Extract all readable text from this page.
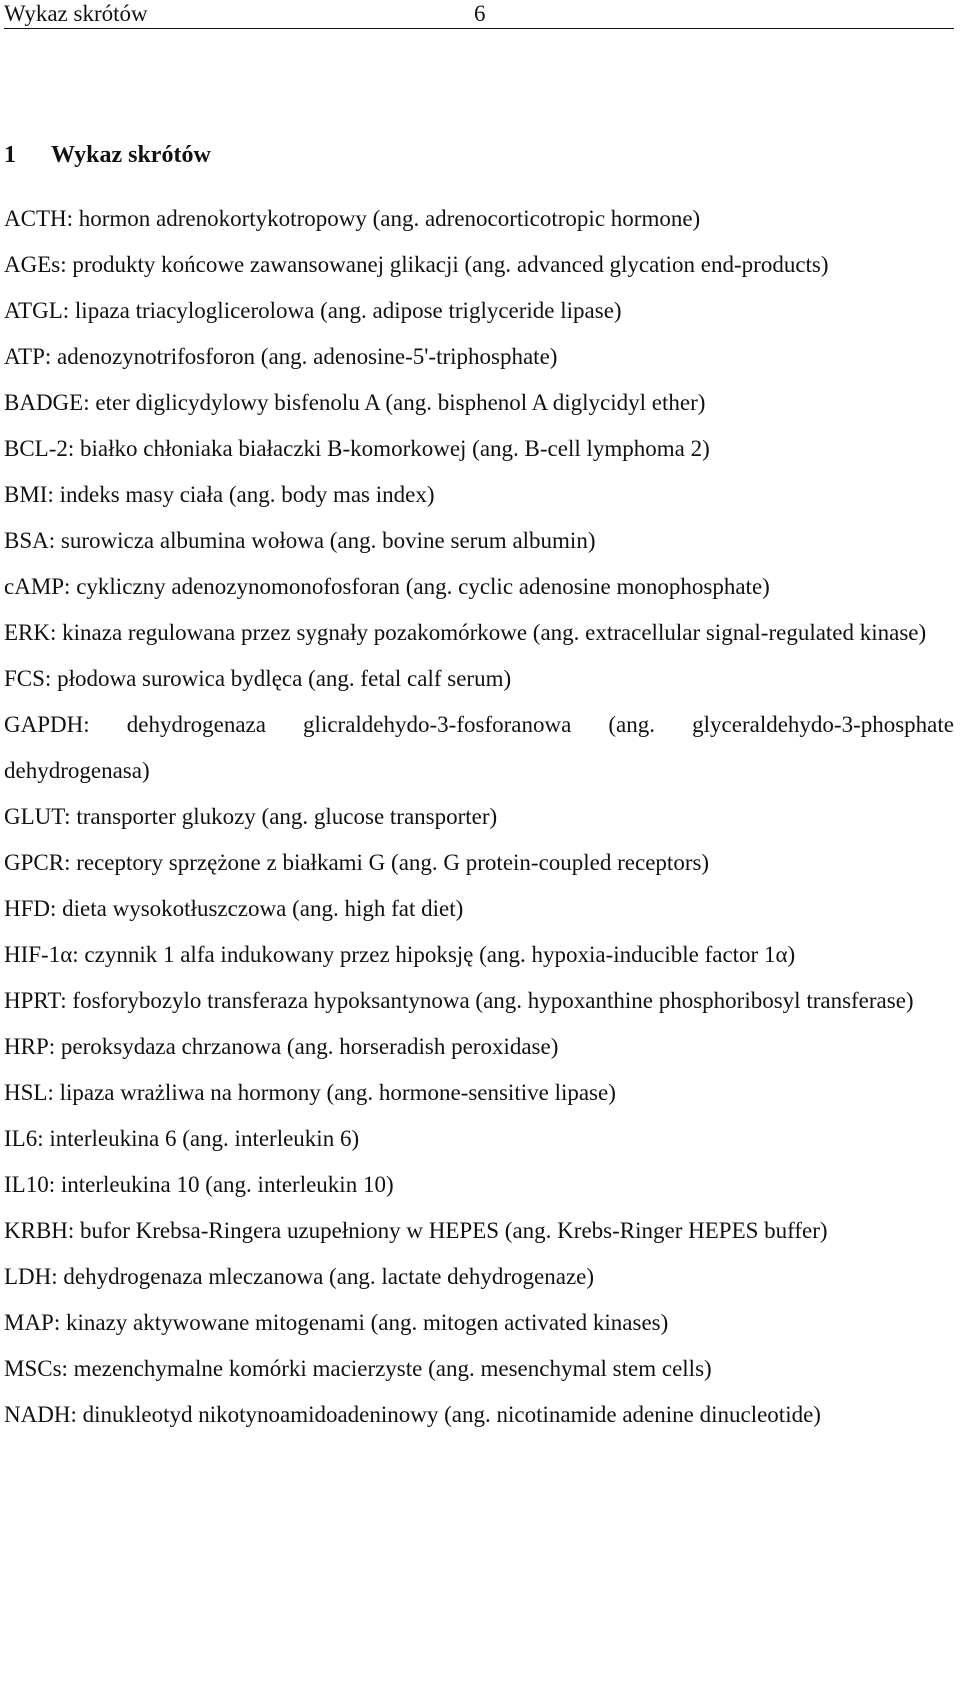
Wykaz skrótów	6
1 Wykaz skrótów

ACTH: hormon adrenokortykotropowy (ang. adrenocorticotropic hormone)

AGEs: produkty końcowe zawansowanej glikacji (ang. advanced glycation end-products)

ATGL: lipaza triacyloglicerolowa (ang. adipose triglyceride lipase)

ATP: adenozynotrifosforon (ang. adenosine-5'-triphosphate)

BADGE: eter diglicydylowy bisfenolu A (ang. bisphenol A diglycidyl ether)

BCL-2: białko chłoniaka białaczki B-komorkowej (ang. B-cell lymphoma 2)

BMI: indeks masy ciała (ang. body mas index)

BSA: surowicza albumina wołowa (ang. bovine serum albumin)

cAMP: cykliczny adenozynomonofosforan (ang. cyclic adenosine monophosphate)

ERK: kinaza regulowana przez sygnały pozakomórkowe (ang. extracellular signal-regulated kinase)

FCS: płodowa surowica bydlęca (ang. fetal calf serum)

GAPDH: dehydrogenaza glicraldehydo-3-fosforanowa (ang. glyceraldehydo-3-phosphate dehydrogenasa)

GLUT: transporter glukozy (ang. glucose transporter)

GPCR: receptory sprzężone z białkami G (ang. G protein-coupled receptors)

HFD: dieta wysokotłuszczowa (ang. high fat diet)

HIF-1α: czynnik 1 alfa indukowany przez hipoksję (ang. hypoxia-inducible factor 1α)

HPRT: fosforybozylo transferaza hypoksantynowa (ang. hypoxanthine phosphoribosyl transferase)

HRP: peroksydaza chrzanowa (ang. horseradish peroxidase)

HSL: lipaza wrażliwa na hormony (ang. hormone-sensitive lipase)

IL6: interleukina 6 (ang. interleukin 6)

IL10: interleukina 10 (ang. interleukin 10)

KRBH: bufor Krebsa-Ringera uzupełniony w HEPES (ang. Krebs-Ringer HEPES buffer)

LDH: dehydrogenaza mleczanowa (ang. lactate dehydrogenaze)

MAP: kinazy aktywowane mitogenami (ang. mitogen activated kinases)

MSCs: mezenchymalne komórki macierzyste (ang. mesenchymal stem cells)

NADH: dinukleotyd nikotynoamidoadeninowy (ang. nicotinamide adenine dinucleotide)
